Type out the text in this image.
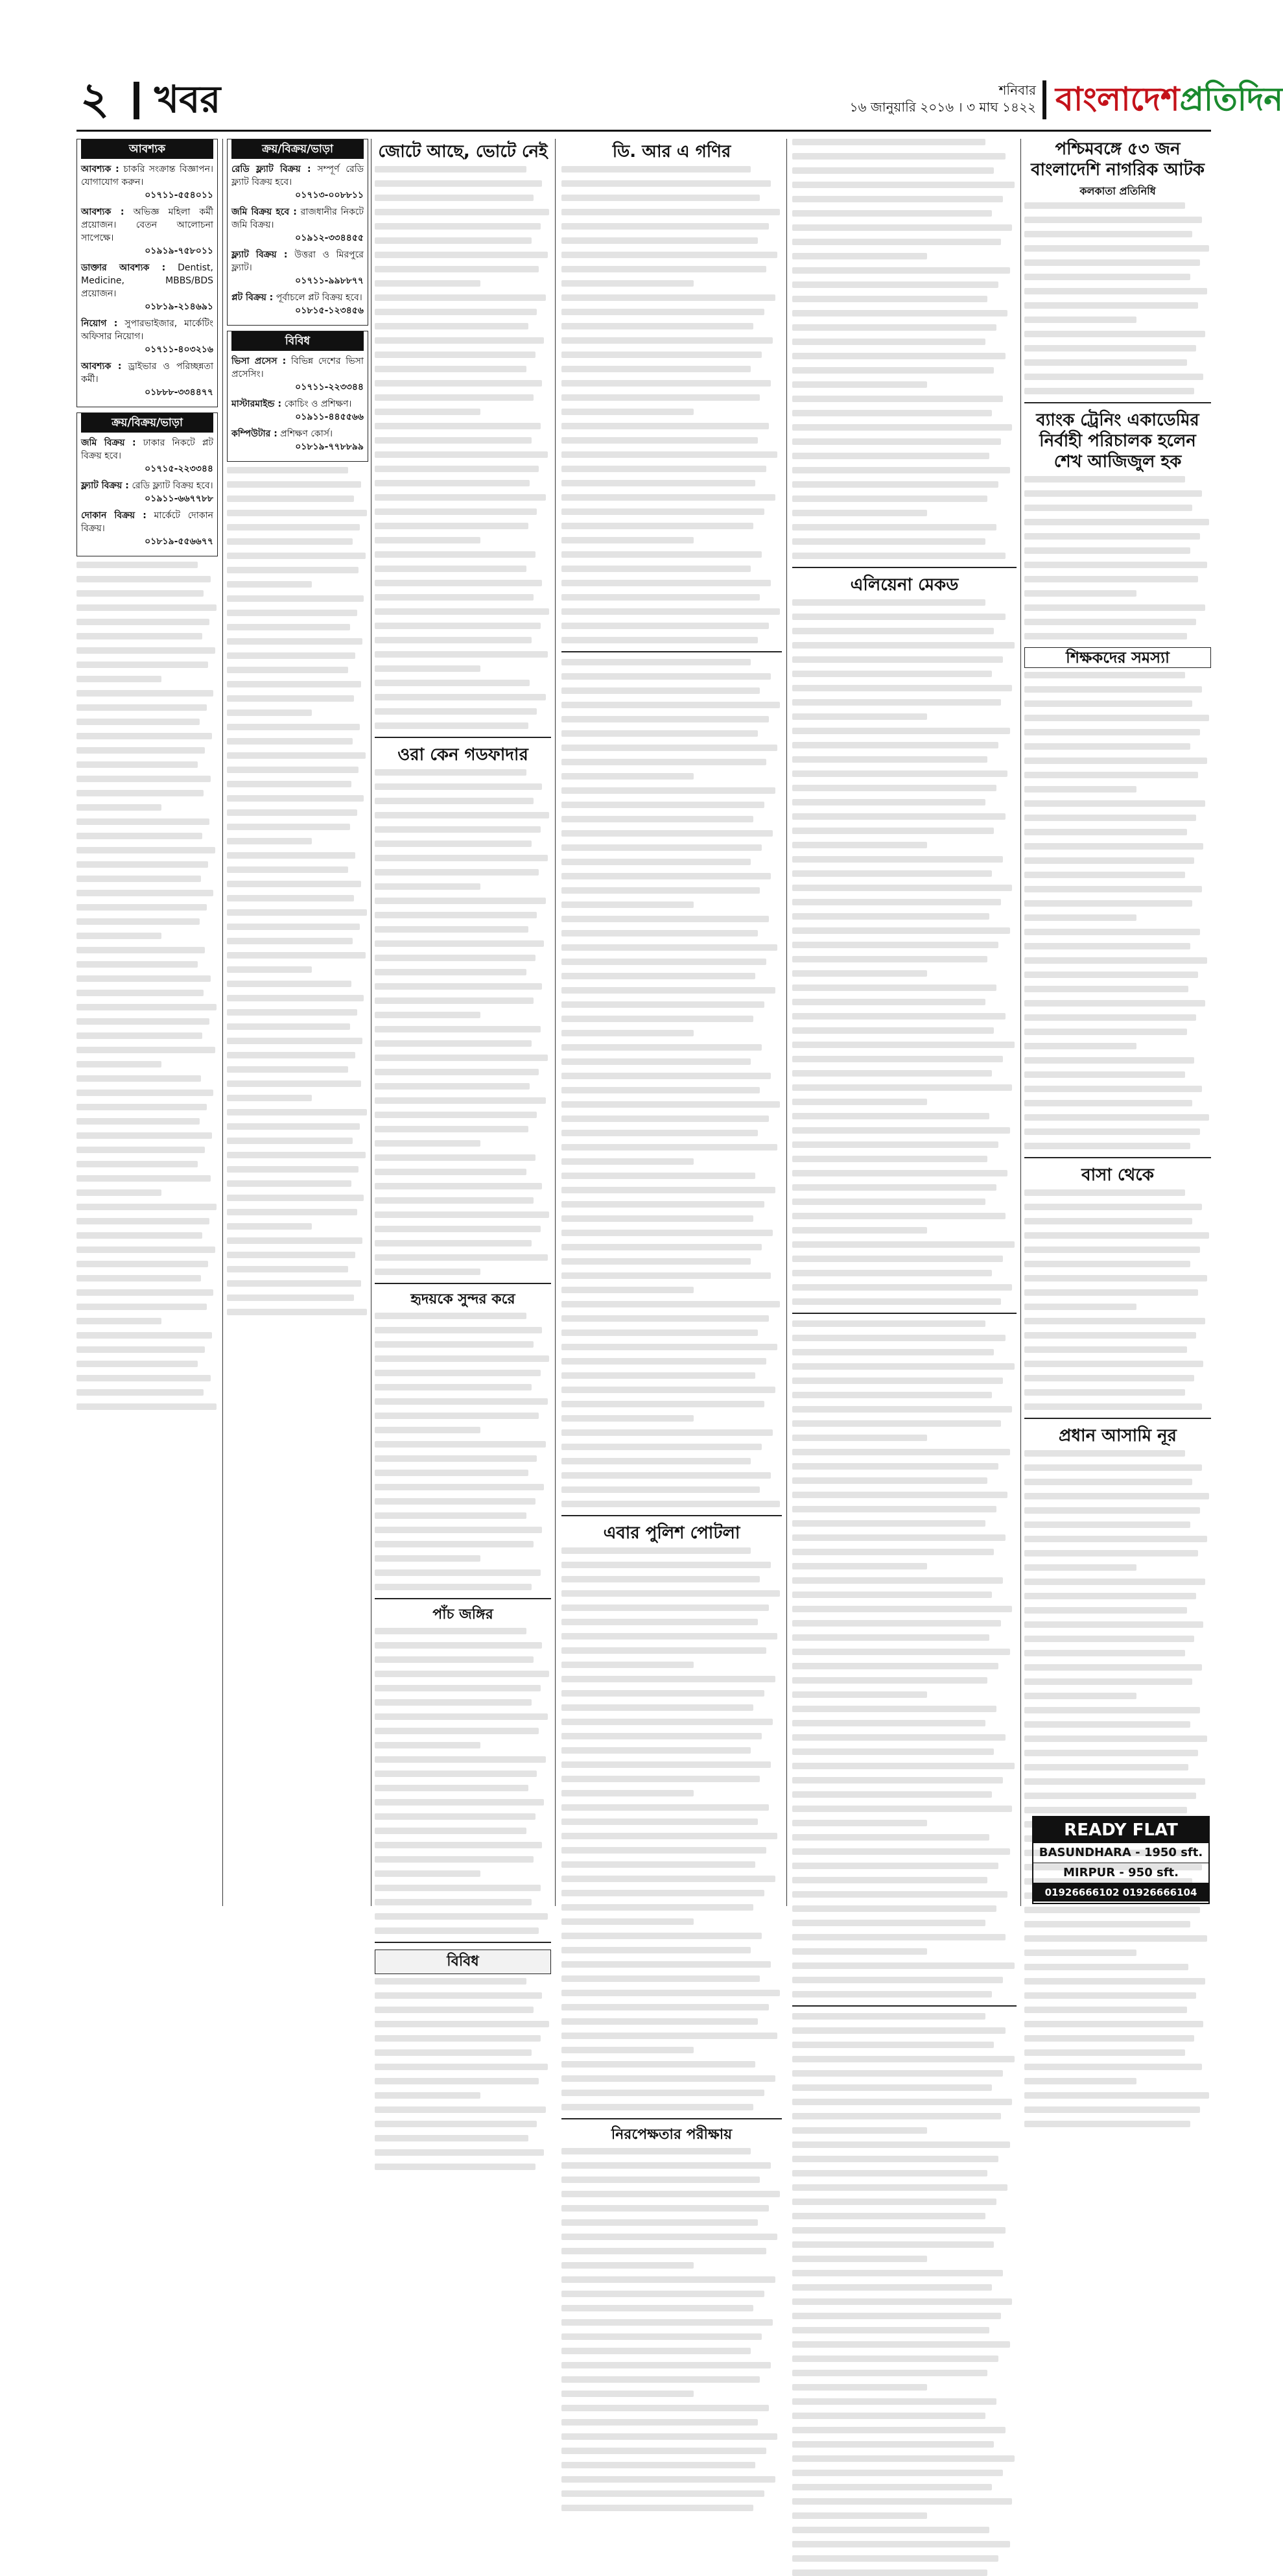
২ খবর	শনিবার
১৬ জানুয়ারি ২০১৬ । ৩ মাঘ ১৪২২ বাংলাদেশপ্রতিদিন
আবশ্যক
আবশ্যক : চাকরি সংক্রান্ত বিজ্ঞাপন। যোগাযোগ করুন।
০১৭১১-৫৫৪০১১
আবশ্যক : অভিজ্ঞ মহিলা কর্মী প্রয়োজন। বেতন আলোচনা সাপেক্ষে।
০১৯১৯-৭৫৮০১১
ডাক্তার আবশ্যক : Dentist, Medicine, MBBS/BDS প্রয়োজন।
০১৮১৯-২১৪৬৯১
নিয়োগ : সুপারভাইজার, মার্কেটিং অফিসার নিয়োগ।
০১৭১১-৪০৩২১৬
আবশ্যক : ড্রাইভার ও পরিচ্ছন্নতা কর্মী।
০১৮৮৮-৩৩৪৪৭৭
ক্রয়/বিক্রয়/ভাড়া
জমি বিক্রয় : ঢাকার নিকটে প্লট বিক্রয় হবে।
০১৭১৫-২২৩৩৪৪
ফ্ল্যাট বিক্রয় : রেডি ফ্ল্যাট বিক্রয় হবে।
০১৯১১-৬৬৭৭৮৮
দোকান বিক্রয় : মার্কেটে দোকান বিক্রয়।
০১৮১৯-৫৫৬৬৭৭
ক্রয়/বিক্রয়/ভাড়া
রেডি ফ্ল্যাট বিক্রয় : সম্পূর্ণ রেডি ফ্ল্যাট বিক্রয় হবে।
০১৭১৩-০০৮৮১১
জমি বিক্রয় হবে : রাজধানীর নিকটে জমি বিক্রয়।
০১৯১২-৩৩৪৪৫৫
ফ্ল্যাট বিক্রয় : উত্তরা ও মিরপুরে ফ্ল্যাট।
০১৭১১-৯৯৮৮৭৭
প্লট বিক্রয় : পূর্বাচলে প্লট বিক্রয় হবে।
০১৮১৫-১২৩৪৫৬
বিবিধ
ভিসা প্রসেস : বিভিন্ন দেশের ভিসা প্রসেসিং।
০১৭১১-২২৩৩৪৪
মাস্টারমাইন্ড : কোচিং ও প্রশিক্ষণ।
০১৯১১-৪৪৫৫৬৬
কম্পিউটার : প্রশিক্ষণ কোর্স।
০১৮১৯-৭৭৮৮৯৯
জোটে আছে, ভোটে নেই
ওরা কেন গডফাদার
হৃদয়কে সুন্দর করে
পাঁচ জঙ্গির
বিবিধ
ডি. আর এ গণির
এবার পুলিশ পোটলা
নিরপেক্ষতার পরীক্ষায়
এলিয়েনা মেকড
পশ্চিমবঙ্গে ৫৩ জন বাংলাদেশি নাগরিক আটক
কলকাতা প্রতিনিধি
ব্যাংক ট্রেনিং একাডেমির নির্বাহী পরিচালক হলেন শেখ আজিজুল হক
শিক্ষকদের সমস্যা
বাসা থেকে
প্রধান আসামি নূর
READY FLAT
BASUNDHARA - 1950 sft.
MIRPUR - 950 sft.
01926666102 01926666104
